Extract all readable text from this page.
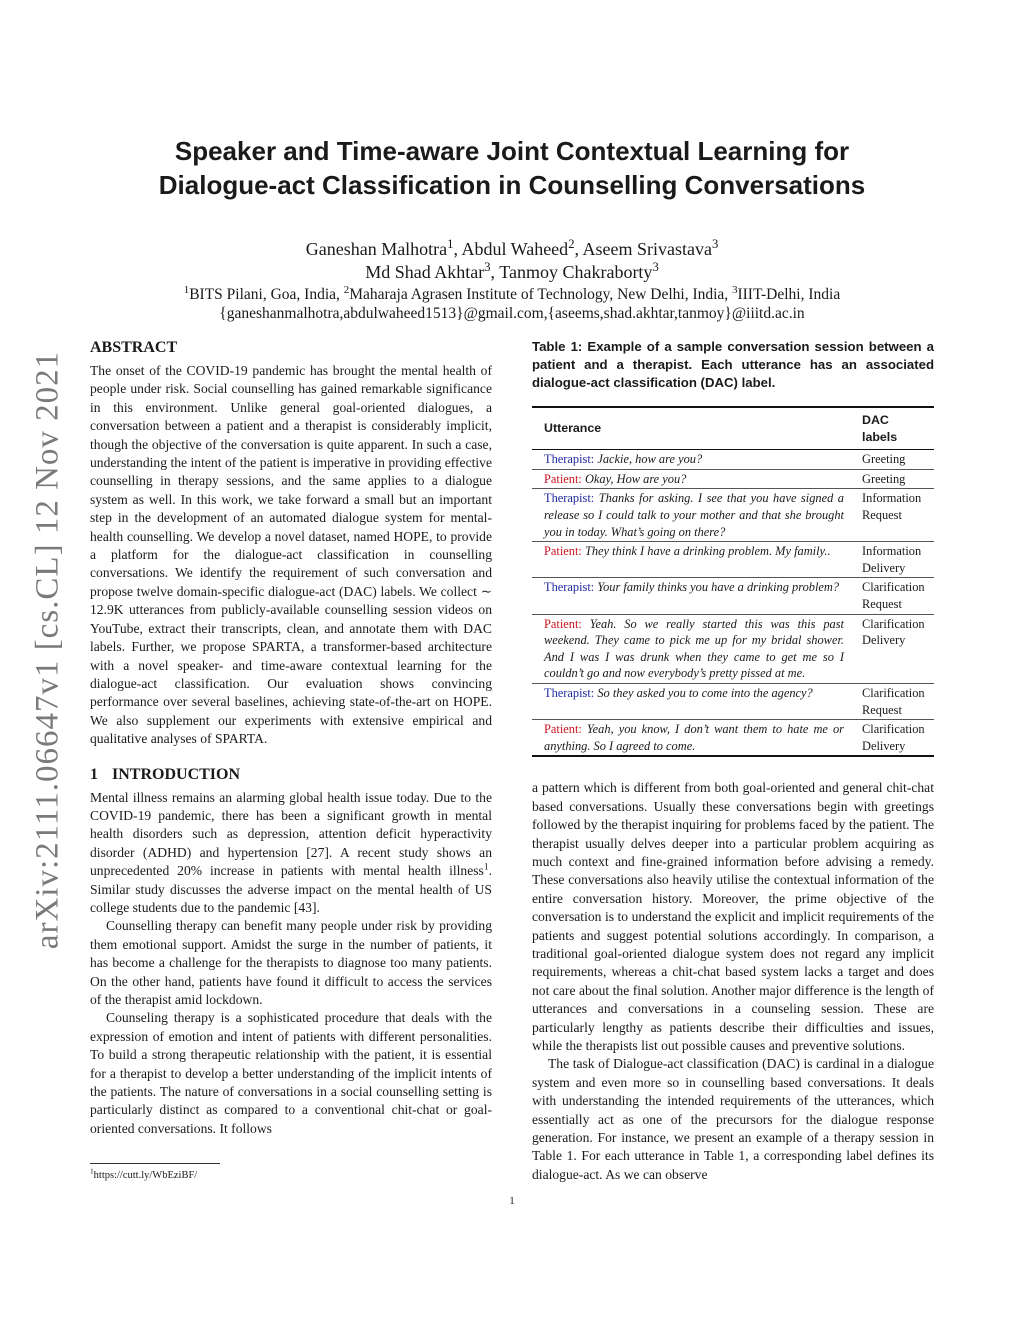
arXiv:2111.06647v1 [cs.CL] 12 Nov 2021
Speaker and Time-aware Joint Contextual Learning for
Dialogue-act Classification in Counselling Conversations
Ganeshan Malhotra$^1$, Abdul Waheed$^2$, Aseem Srivastava$^3$
Md Shad Akhtar$^3$, Tanmoy Chakraborty$^3$
$^1$BITS Pilani, Goa, India, $^2$Maharaja Agrasen Institute of Technology, New Delhi, India, $^3$IIIT-Delhi, India
{ganeshanmalhotra,abdulwaheed1513}@gmail.com,{aseems,shad.akhtar,tanmoy}@iiitd.ac.in
ABSTRACT

The onset of the COVID-19 pandemic has brought the mental health of people under risk. Social counselling has gained remarkable significance in this environment. Unlike general goal-oriented dialogues, a conversation between a patient and a therapist is considerably implicit, though the objective of the conversation is quite apparent. In such a case, understanding the intent of the patient is imperative in providing effective counselling in therapy sessions, and the same applies to a dialogue system as well. In this work, we take forward a small but an important step in the development of an automated dialogue system for mental-health counselling. We develop a novel dataset, named HOPE, to provide a platform for the dialogue-act classification in counselling conversations. We identify the requirement of such conversation and propose twelve domain-specific dialogue-act (DAC) labels. We collect ∼ 12.9K utterances from publicly-available counselling session videos on YouTube, extract their transcripts, clean, and annotate them with DAC labels. Further, we propose SPARTA, a transformer-based architecture with a novel speaker- and time-aware contextual learning for the dialogue-act classification. Our evaluation shows convincing performance over several baselines, achieving state-of-the-art on HOPE. We also supplement our experiments with extensive empirical and qualitative analyses of SPARTA.

1 INTRODUCTION

Mental illness remains an alarming global health issue today. Due to the COVID-19 pandemic, there has been a significant growth in mental health disorders such as depression, attention deficit hyperactivity disorder (ADHD) and hypertension [27]. A recent study shows an unprecedented 20% increase in patients with mental health illness$^1$. Similar study discusses the adverse impact on the mental health of US college students due to the pandemic [43].

Counselling therapy can benefit many people under risk by providing them emotional support. Amidst the surge in the number of patients, it has become a challenge for the therapists to diagnose too many patients. On the other hand, patients have found it difficult to access the services of the therapist amid lockdown.

Counseling therapy is a sophisticated procedure that deals with the expression of emotion and intent of patients with different personalities. To build a strong therapeutic relationship with the patient, it is essential for a therapist to develop a better understanding of the implicit intents of the patients. The nature of conversations in a social counselling setting is particularly distinct as compared to a conventional chit-chat or goal-oriented conversations. It follows

$^1$https://cutt.ly/WbEziBF/
1
Table 1: Example of a sample conversation session between a patient and a therapist. Each utterance has an associated dialogue-act classification (DAC) label.
Utterance	DAC labels
Therapist: Jackie, how are you?	Greeting
Patient: Okay, How are you?	Greeting
Therapist: Thanks for asking. I see that you have signed a release so I could talk to your mother and that she brought you in today. What’s going on there?	Information Request
Patient: They think I have a drinking problem. My family..	Information Delivery
Therapist: Your family thinks you have a drinking problem?	Clarification Request
Patient: Yeah. So we really started this was this past weekend. They came to pick me up for my bridal shower. And I was I was drunk when they came to get me so I couldn’t go and now everybody’s pretty pissed at me.	Clarification Delivery
Therapist: So they asked you to come into the agency?	Clarification Request
Patient: Yeah, you know, I don’t want them to hate me or anything. So I agreed to come.	Clarification Delivery

a pattern which is different from both goal-oriented and general chit-chat based conversations. Usually these conversations begin with greetings followed by the therapist inquiring for problems faced by the patient. The therapist usually delves deeper into a particular problem acquiring as much context and fine-grained information before advising a remedy. These conversations also heavily utilise the contextual information of the entire conversation history. Moreover, the prime objective of the conversation is to understand the explicit and implicit requirements of the patients and suggest potential solutions accordingly. In comparison, a traditional goal-oriented dialogue system does not regard any implicit requirements, whereas a chit-chat based system lacks a target and does not care about the final solution. Another major difference is the length of utterances and conversations in a counseling session. These are particularly lengthy as patients describe their difficulties and issues, while the therapists list out possible causes and preventive solutions.

The task of Dialogue-act classification (DAC) is cardinal in a dialogue system and even more so in counselling based conversations. It deals with understanding the intended requirements of the utterances, which essentially act as one of the precursors for the dialogue response generation. For instance, we present an example of a therapy session in Table 1. For each utterance in Table 1, a corresponding label defines its dialogue-act. As we can observe
